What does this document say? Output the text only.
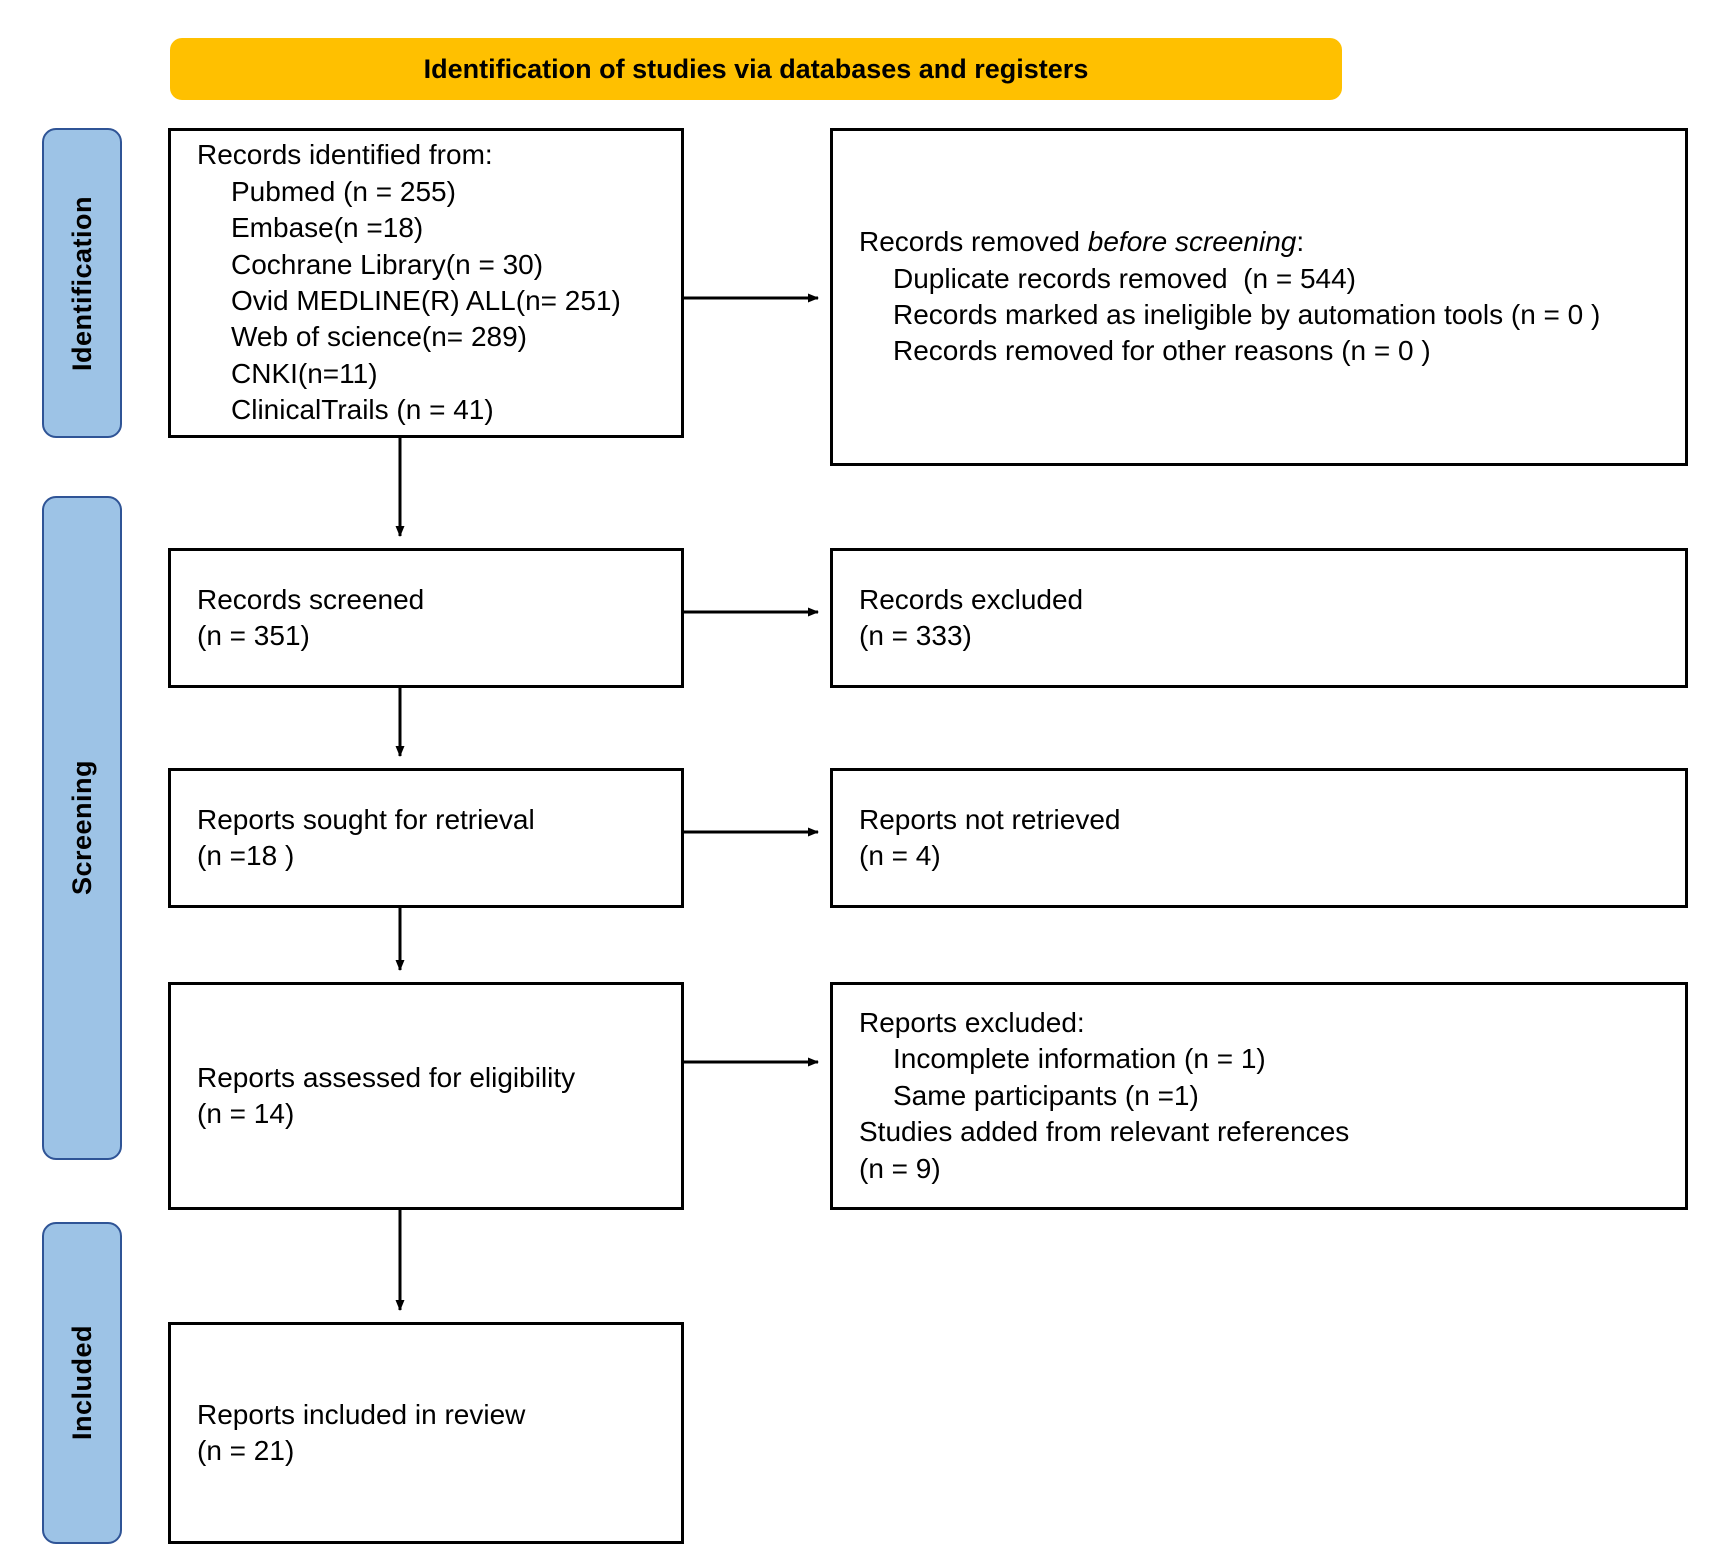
Identification of studies via databases and registers
Identification
Screening
Included
Records identified from:
Pubmed (n = 255)
Embase(n =18)
Cochrane Library(n = 30)
Ovid MEDLINE(R) ALL(n= 251)
Web of science(n= 289)
CNKI(n=11)
ClinicalTrails (n = 41)
Records removed before screening:
Duplicate records removed  (n = 544)
Records marked as ineligible by automation tools (n = 0 )
Records removed for other reasons (n = 0 )
Records screened
(n = 351)
Records excluded
(n = 333)
Reports sought for retrieval
(n =18 )
Reports not retrieved
(n = 4)
Reports assessed for eligibility
(n = 14)
Reports excluded:
Incomplete information (n = 1)
Same participants (n =1)
Studies added from relevant references
(n = 9)
Reports included in review
(n = 21)
